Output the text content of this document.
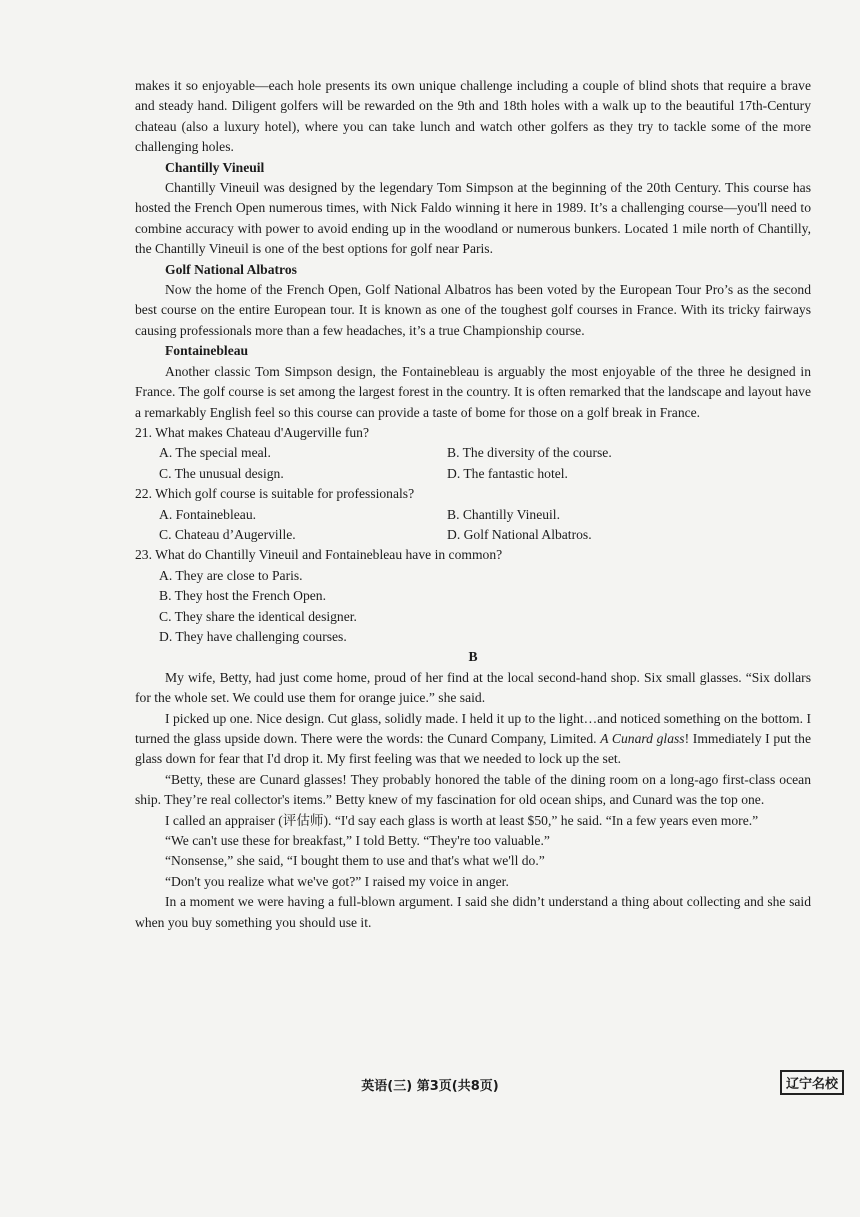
makes it so enjoyable—each hole presents its own unique challenge including a couple of blind shots that require a brave and steady hand. Diligent golfers will be rewarded on the 9th and 18th holes with a walk up to the beautiful 17th-Century chateau (also a luxury hotel), where you can take lunch and watch other golfers as they try to tackle some of the more challenging holes.

Chantilly Vineuil

Chantilly Vineuil was designed by the legendary Tom Simpson at the beginning of the 20th Century. This course has hosted the French Open numerous times, with Nick Faldo winning it here in 1989. It’s a challenging course—you'll need to combine accuracy with power to avoid ending up in the woodland or numerous bunkers. Located 1 mile north of Chantilly, the Chantilly Vineuil is one of the best options for golf near Paris.

Golf National Albatros

Now the home of the French Open, Golf National Albatros has been voted by the European Tour Pro’s as the second best course on the entire European tour. It is known as one of the toughest golf courses in France. With its tricky fairways causing professionals more than a few headaches, it’s a true Championship course.

Fontainebleau

Another classic Tom Simpson design, the Fontainebleau is arguably the most enjoyable of the three he designed in France. The golf course is set among the largest forest in the country. It is often remarked that the landscape and layout have a remarkably English feel so this course can provide a taste of bome for those on a golf break in France.

21. What makes Chateau d'Augerville fun?

A. The special meal.	B. The diversity of the course.
C. The unusual design.	D. The fantastic hotel.

22. Which golf course is suitable for professionals?

A. Fontainebleau.	B. Chantilly Vineuil.
C. Chateau d’Augerville.	D. Golf National Albatros.

23. What do Chantilly Vineuil and Fontainebleau have in common?

A. They are close to Paris.

B. They host the French Open.

C. They share the identical designer.

D. They have challenging courses.

B

My wife, Betty, had just come home, proud of her find at the local second-hand shop. Six small glasses. “Six dollars for the whole set. We could use them for orange juice.” she said.

I picked up one. Nice design. Cut glass, solidly made. I held it up to the light…and noticed something on the bottom. I turned the glass upside down. There were the words: the Cunard Company, Limited. A Cunard glass! Immediately I put the glass down for fear that I'd drop it. My first feeling was that we needed to lock up the set.

“Betty, these are Cunard glasses! They probably honored the table of the dining room on a long-ago first-class ocean ship. They’re real collector's items.” Betty knew of my fascination for old ocean ships, and Cunard was the top one.

I called an appraiser (评估师). “I'd say each glass is worth at least $50,” he said. “In a few years even more.”

“We can't use these for breakfast,” I told Betty. “They're too valuable.”

“Nonsense,” she said, “I bought them to use and that's what we'll do.”

“Don't you realize what we've got?” I raised my voice in anger.

In a moment we were having a full-blown argument. I said she didn’t understand a thing about collecting and she said when you buy something you should use it.

英语(三) 第3页(共8页)	辽宁名校
